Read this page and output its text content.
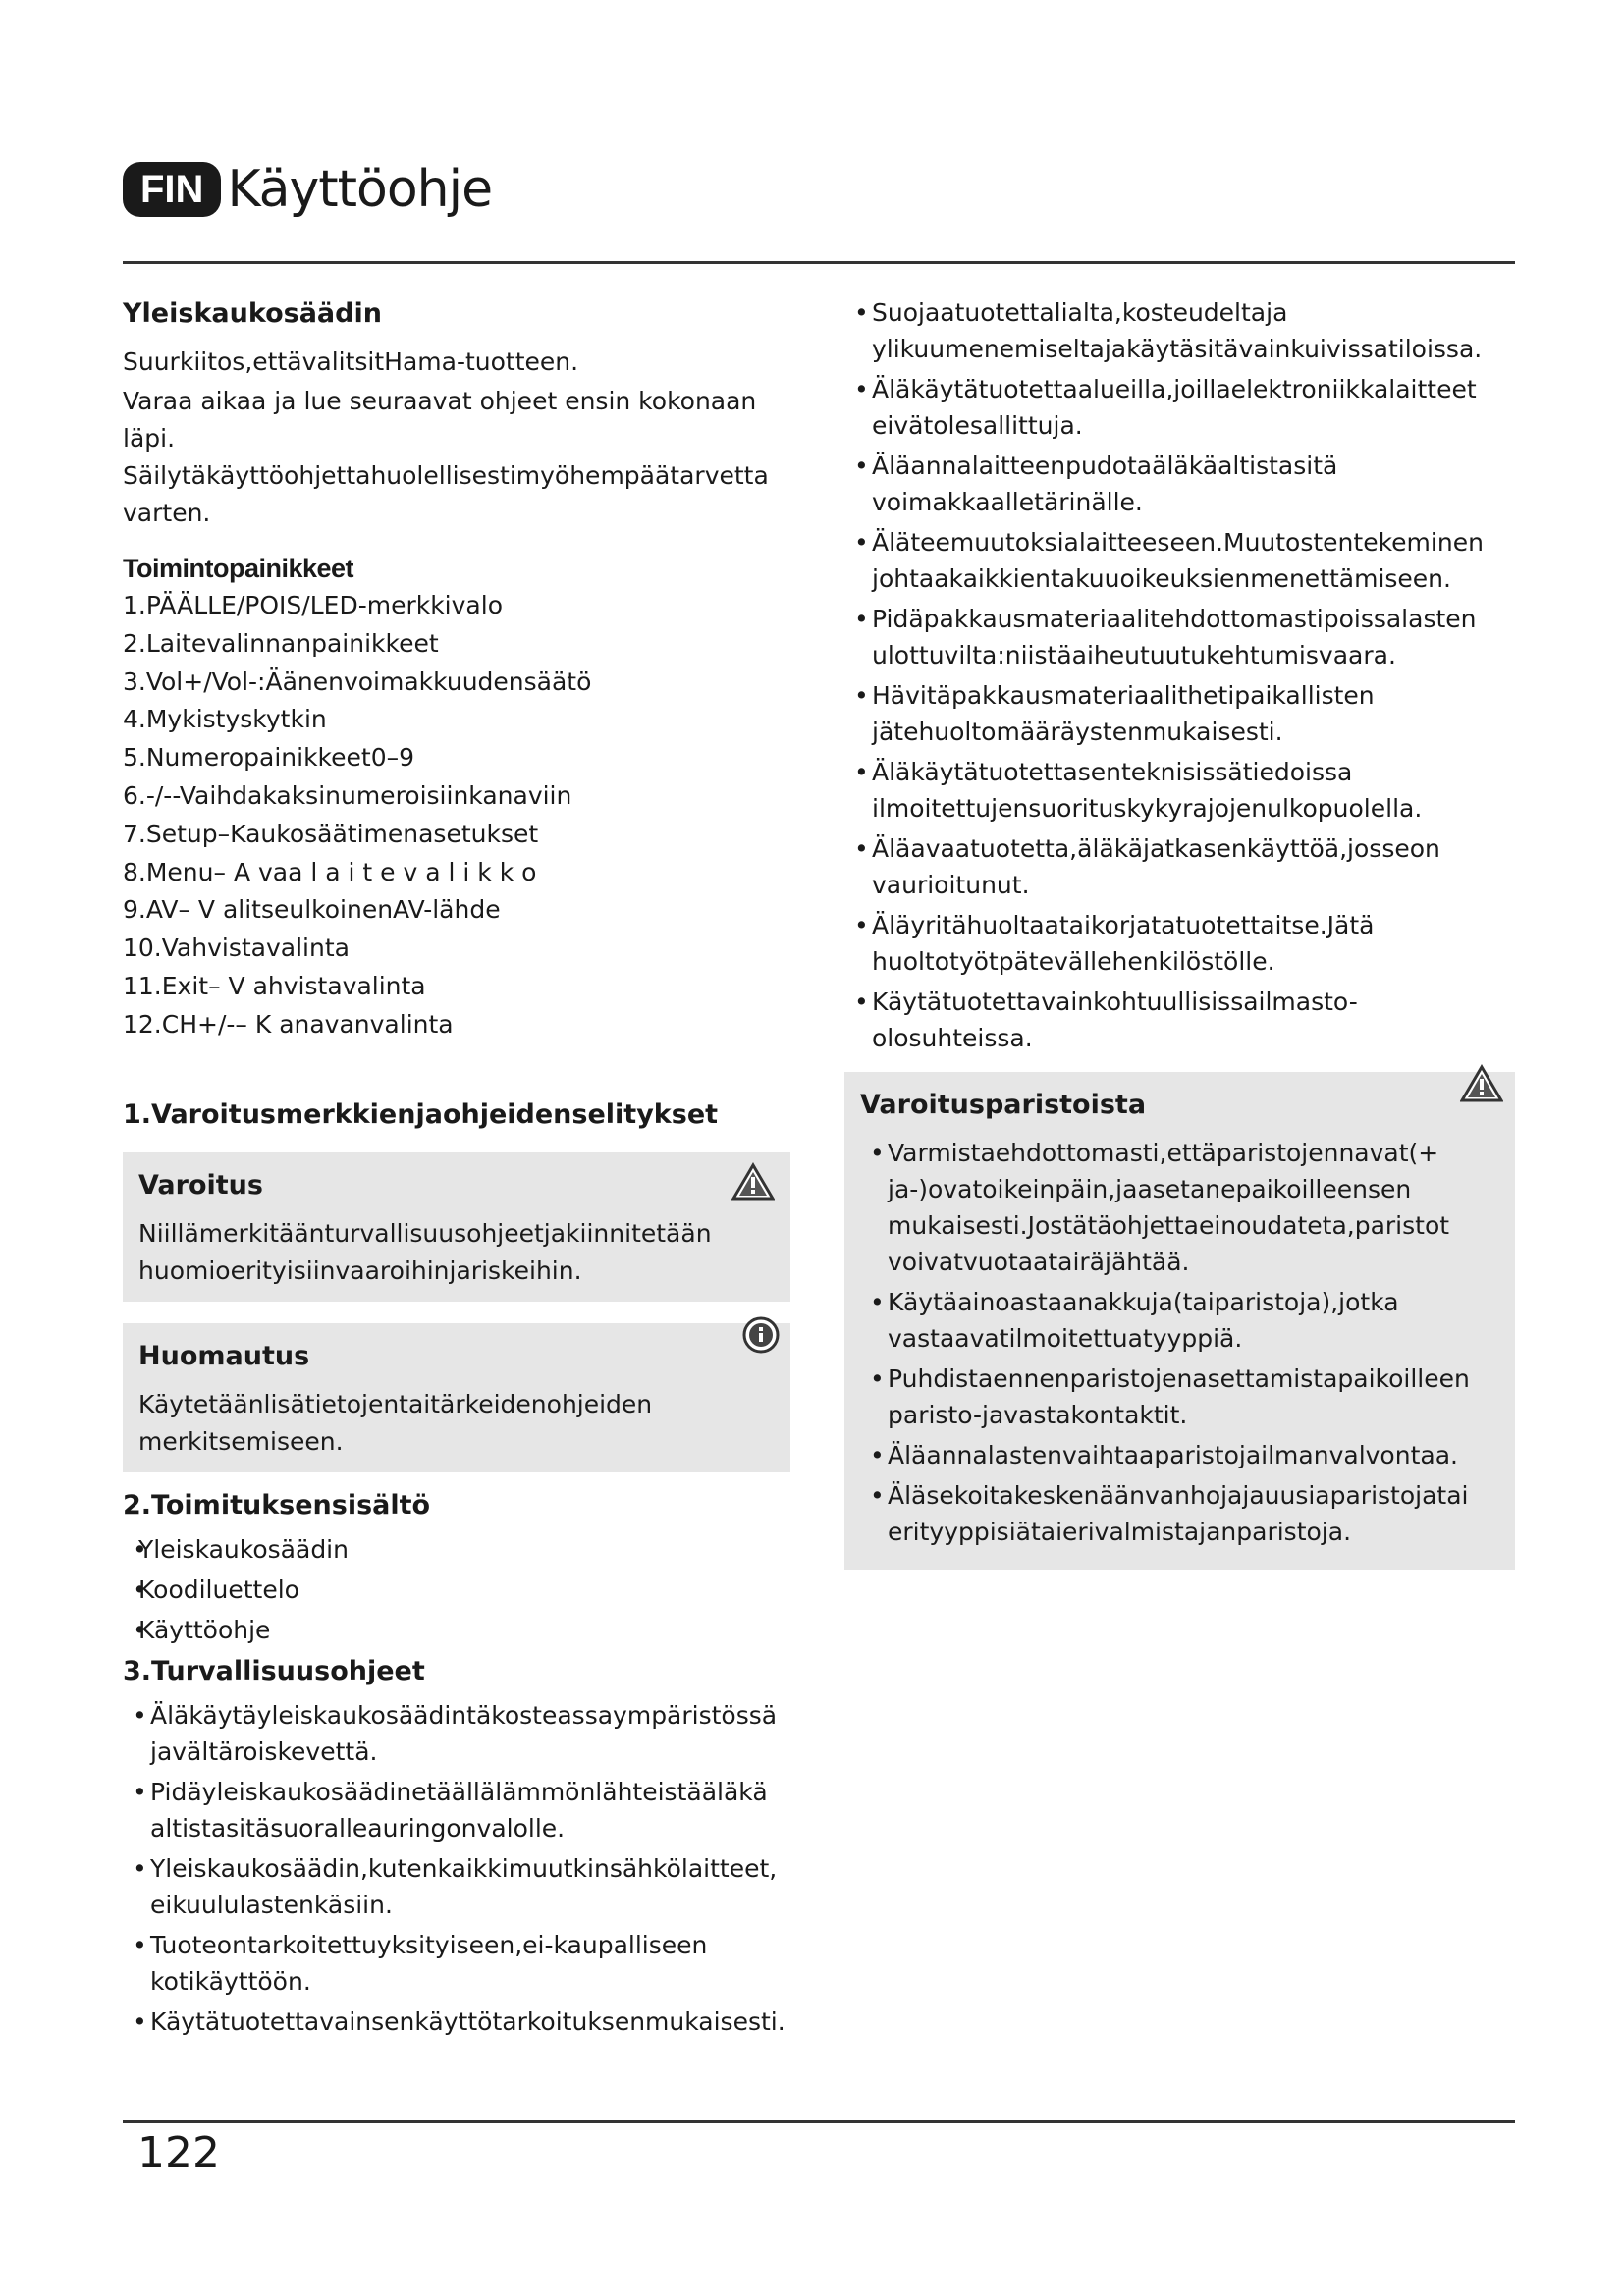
FIN Käyttöohje
Yleiskaukosäädin

Suurkiitos,ettävalitsitHama-tuotteen.

Varaa aikaa ja lue seuraavat ohjeet ensin kokonaan läpi. Säilytäkäyttöohjettahuolellisestimyöhempäätarvetta varten.

Toimintopainikkeet
1.PÄÄLLE/POIS/LED-merkkivalo
2.Laitevalinnanpainikkeet
3.Vol+/Vol-:Äänenvoimakkuudensäätö
4.Mykistyskytkin
5.Numeropainikkeet0–9
6.-/--Vaihdakaksinumeroisiinkanaviin
7.Setup–Kaukosäätimenasetukset
8.Menu– A vaa l a i t e v a l i k k o
9.AV– V alitseulkoinenAV-lähde
10.Vahvistavalinta
11.Exit– V ahvistavalinta
12.CH+/-– K anavanvalinta
1.Varoitusmerkkienjaohjeidenselitykset
Varoitus
Niillämerkitäänturvallisuusohjeetjakiinnitetään huomioerityisiinvaaroihinjariskeihin.
Huomautus
Käytetäänlisätietojentaitärkeidenohjeiden merkitsemiseen.
2.Toimituksensisältö
• Yleiskaukosäädin
• Koodiluettelo
• Käyttöohje
3.Turvallisuusohjeet
• Äläkäytäyleiskaukosäädintäkosteassaympäristössä javältäroiskevettä.
• Pidäyleiskaukosäädinetäällälämmönlähteistääläkä altistasitäsuoralleauringonvalolle.
• Yleiskaukosäädin,kutenkaikkimuutkinsähkölaitteet, eikuululastenkäsiin.
• Tuoteontarkoitettuyksityiseen,ei-kaupalliseen kotikäyttöön.
• Käytätuotettavainsenkäyttötarkoituksenmukaisesti.
• Suojaatuotettalialta,kosteudeltaja ylikuumenemiseltajakäytäsitävainkuivissatiloissa.
• Äläkäytätuotettaalueilla,joillaelektroniikkalaitteet eivätolesallittuja.
• Äläannalaitteenpudotaäläkäaltistasitä voimakkaalletärinälle.
• Äläteemuutoksialaitteeseen.Muutostentekeminen johtaakaikkientakuuoikeuksienmenettämiseen.
• Pidäpakkausmateriaalitehdottomastipoissalasten ulottuvilta:niistäaiheutuutukehtumisvaara.
• Hävitäpakkausmateriaalithetipaikallisten jätehuoltomääräystenmukaisesti.
• Äläkäytätuotettasenteknisissätiedoissa ilmoitettujensuorituskykyrajojenulkopuolella.
• Äläavaatuotetta,äläkäjatkasenkäyttöä,josseon vaurioitunut.
• Äläyritähuoltaataikorjatatuotettaitse.Jätä huoltotyötpätevällehenkilöstölle.
• Käytätuotettavainkohtuullisissailmasto-olosuhteissa.
Varoitusparistoista
• Varmistaehdottomasti,ettäparistojennavat(+ ja-)ovatoikeinpäin,jaasetanepaikoilleensen mukaisesti.Jostätäohjettaeinoudateta,paristot voivatvuotaatairäjähtää.
• Käytäainoastaanakkuja(taiparistoja),jotka vastaavatilmoitettuatyyppiä.
• Puhdistaennenparistojenasettamistapaikoilleen paristo-javastakontaktit.
• Äläannalastenvaihtaaparistojailmanvalvontaa.
• Äläsekoitakeskenäänvanhojajauusiaparistojatai erityyppisiätaierivalmistajanparistoja.
122
